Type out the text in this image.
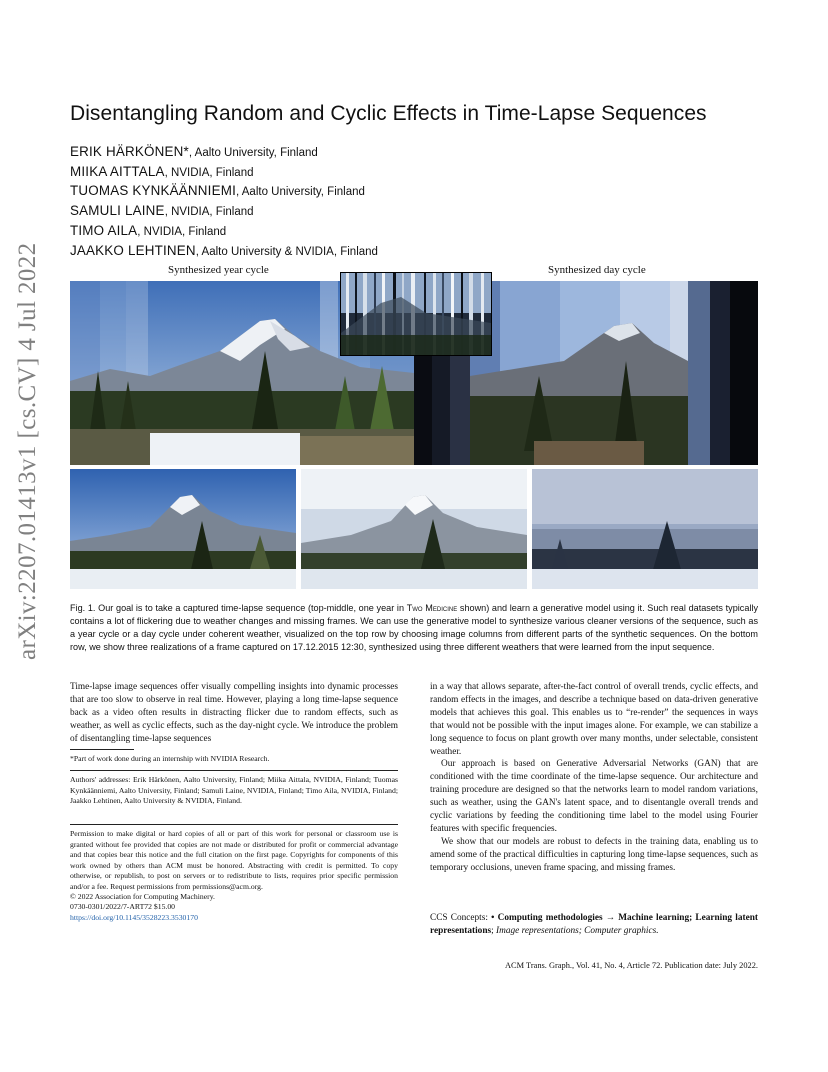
arXiv:2207.01413v1 [cs.CV] 4 Jul 2022
Disentangling Random and Cyclic Effects in Time-Lapse Sequences
ERIK HÄRKÖNEN*, Aalto University, Finland
MIIKA AITTALA, NVIDIA, Finland
TUOMAS KYNKÄÄNNIEMI, Aalto University, Finland
SAMULI LAINE, NVIDIA, Finland
TIMO AILA, NVIDIA, Finland
JAAKKO LEHTINEN, Aalto University & NVIDIA, Finland
Synthesized year cycle	Synthesized day cycle
Fig. 1. Our goal is to take a captured time-lapse sequence (top-middle, one year in Two Medicine shown) and learn a generative model using it. Such real datasets typically contains a lot of flickering due to weather changes and missing frames. We can use the generative model to synthesize various cleaner versions of the sequence, such as a year cycle or a day cycle under coherent weather, visualized on the top row by choosing image columns from different parts of the synthetic sequences. On the bottom row, we show three realizations of a frame captured on 17.12.2015 12:30, synthesized using three different weathers that were learned from the input sequence.

Time-lapse image sequences offer visually compelling insights into dynamic processes that are too slow to observe in real time. However, playing a long time-lapse sequence back as a video often results in distracting flicker due to random effects, such as weather, as well as cyclic effects, such as the day-night cycle. We introduce the problem of disentangling time-lapse sequences

*Part of work done during an internship with NVIDIA Research.
Authors' addresses: Erik Härkönen, Aalto University, Finland; Miika Aittala, NVIDIA, Finland; Tuomas Kynkäänniemi, Aalto University, Finland; Samuli Laine, NVIDIA, Finland; Timo Aila, NVIDIA, Finland; Jaakko Lehtinen, Aalto University & NVIDIA, Finland.
Permission to make digital or hard copies of all or part of this work for personal or classroom use is granted without fee provided that copies are not made or distributed for profit or commercial advantage and that copies bear this notice and the full citation on the first page. Copyrights for components of this work owned by others than ACM must be honored. Abstracting with credit is permitted. To copy otherwise, or republish, to post on servers or to redistribute to lists, requires prior specific permission and/or a fee. Request permissions from permissions@acm.org.
© 2022 Association for Computing Machinery.
0730-0301/2022/7-ART72 $15.00
https://doi.org/10.1145/3528223.3530170

in a way that allows separate, after-the-fact control of overall trends, cyclic effects, and random effects in the images, and describe a technique based on data-driven generative models that achieves this goal. This enables us to “re-render” the sequences in ways that would not be possible with the input images alone. For example, we can stabilize a long sequence to focus on plant growth over many months, under selectable, consistent weather.

Our approach is based on Generative Adversarial Networks (GAN) that are conditioned with the time coordinate of the time-lapse sequence. Our architecture and training procedure are designed so that the networks learn to model random variations, such as weather, using the GAN's latent space, and to disentangle overall trends and cyclic variations by feeding the conditioning time label to the model using Fourier features with specific frequencies.

We show that our models are robust to defects in the training data, enabling us to amend some of the practical difficulties in capturing long time-lapse sequences, such as temporary occlusions, uneven frame spacing, and missing frames.

CCS Concepts: • Computing methodologies → Machine learning; Learning latent representations; Image representations; Computer graphics.
ACM Trans. Graph., Vol. 41, No. 4, Article 72. Publication date: July 2022.
